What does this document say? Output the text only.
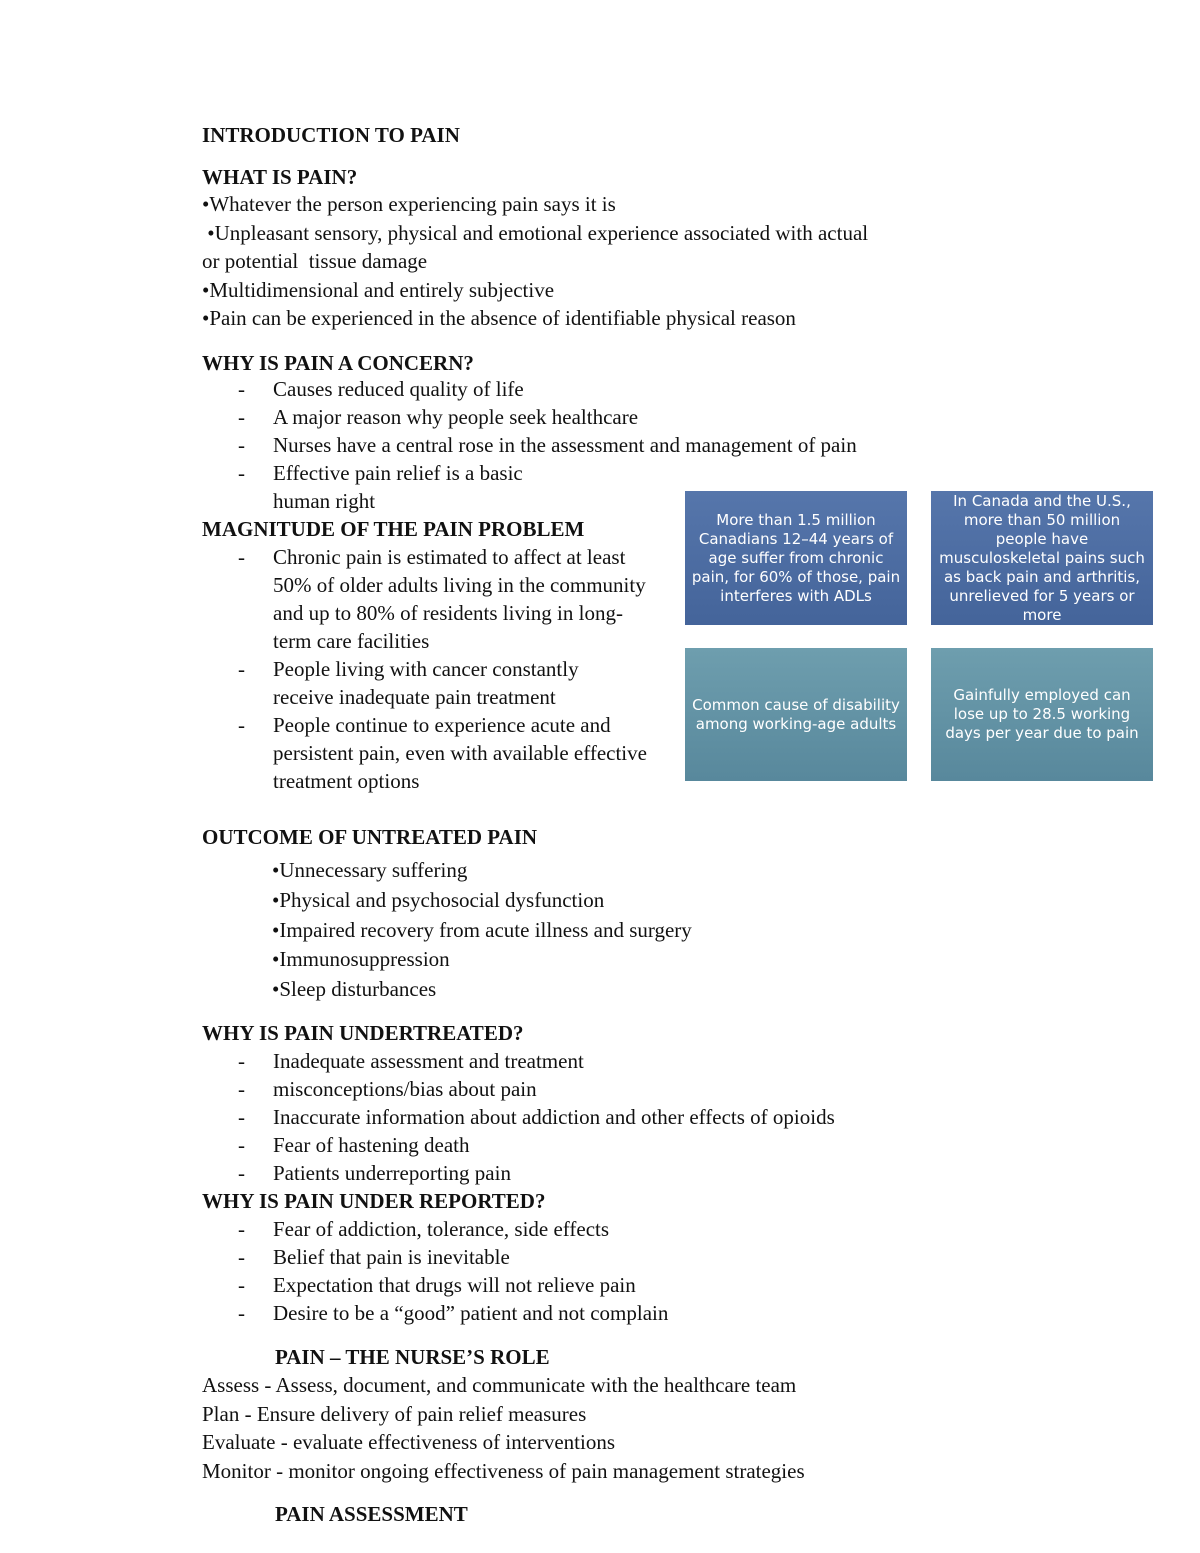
INTRODUCTION TO PAIN
WHAT IS PAIN?
•Whatever the person experiencing pain says it is
•Unpleasant sensory, physical and emotional experience associated with actual
or potential  tissue damage
•Multidimensional and entirely subjective
•Pain can be experienced in the absence of identifiable physical reason
WHY IS PAIN A CONCERN?
- Causes reduced quality of life
- A major reason why people seek healthcare
- Nurses have a central rose in the assessment and management of pain
- Effective pain relief is a basic human right
MAGNITUDE OF THE PAIN PROBLEM
- Chronic pain is estimated to affect at least 50% of older adults living in the community and up to 80% of residents living in long-term care facilities
- People living with cancer constantly receive inadequate pain treatment
- People continue to experience acute and persistent pain, even with available effective treatment options
More than 1.5 million Canadians 12–44 years of age suffer from chronic pain, for 60% of those, pain interferes with ADLs
In Canada and the U.S., more than 50 million people have musculoskeletal pains such as back pain and arthritis, unrelieved for 5 years or more
Common cause of disability among working-age adults
Gainfully employed can lose up to 28.5 working days per year due to pain
OUTCOME OF UNTREATED PAIN
•Unnecessary suffering
•Physical and psychosocial dysfunction
•Impaired recovery from acute illness and surgery
•Immunosuppression
•Sleep disturbances
WHY IS PAIN UNDERTREATED?
- Inadequate assessment and treatment
- misconceptions/bias about pain
- Inaccurate information about addiction and other effects of opioids
- Fear of hastening death
- Patients underreporting pain
WHY IS PAIN UNDER REPORTED?
- Fear of addiction, tolerance, side effects
- Belief that pain is inevitable
- Expectation that drugs will not relieve pain
- Desire to be a “good” patient and not complain
PAIN – THE NURSE’S ROLE
Assess - Assess, document, and communicate with the healthcare team
Plan - Ensure delivery of pain relief measures
Evaluate - evaluate effectiveness of interventions
Monitor - monitor ongoing effectiveness of pain management strategies
PAIN ASSESSMENT
